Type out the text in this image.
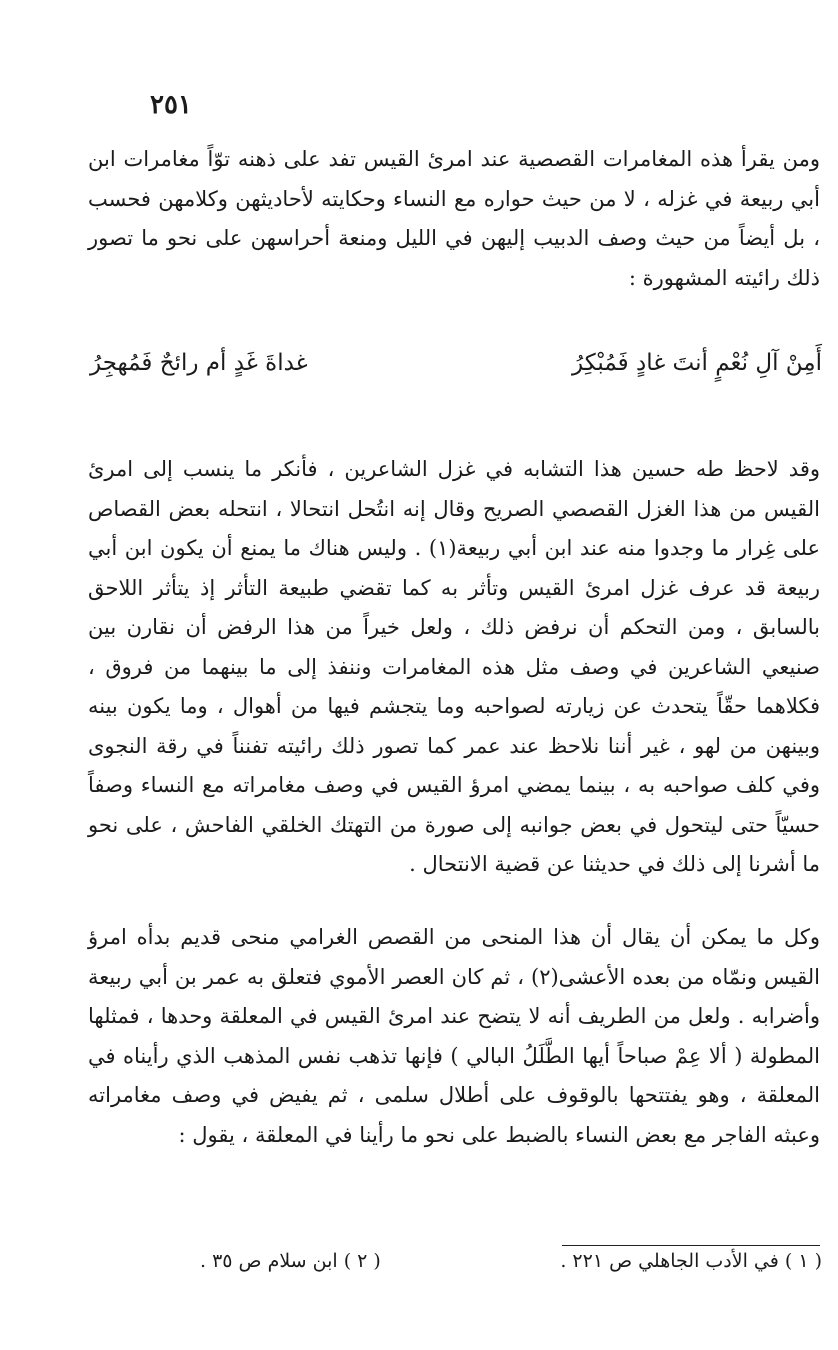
٢٥١

ومن يقرأ هذه المغامرات القصصية عند امرئ القيس تفد على ذهنه توّاً مغامرات ابن أبي ربيعة في غزله ، لا من حيث حواره مع النساء وحكايته لأحاديثهن وكلامهن فحسب ، بل أيضاً من حيث وصف الدبيب إليهن في الليل ومنعة أحراسهن على نحو ما تصور ذلك رائيته المشهورة :

أَمِنْ آلِ نُعْمٍ أنتَ غادٍ فَمُبْكِرُ
غداةَ غَدٍ أم رائحٌ فَمُهجِرُ

وقد لاحظ طه حسين هذا التشابه في غزل الشاعرين ، فأنكر ما ينسب إلى امرئ القيس من هذا الغزل القصصي الصريح وقال إنه انتُحل انتحالا ، انتحله بعض القصاص على غِرار ما وجدوا منه عند ابن أبي ربيعة(١) . وليس هناك ما يمنع أن يكون ابن أبي ربيعة قد عرف غزل امرئ القيس وتأثر به كما تقضي طبيعة التأثر إذ يتأثر اللاحق بالسابق ، ومن التحكم أن نرفض ذلك ، ولعل خيراً من هذا الرفض أن نقارن بين صنيعي الشاعرين في وصف مثل هذه المغامرات وننفذ إلى ما بينهما من فروق ، فكلاهما حقّاً يتحدث عن زيارته لصواحبه وما يتجشم فيها من أهوال ، وما يكون بينه وبينهن من لهو ، غير أننا نلاحظ عند عمر كما تصور ذلك رائيته تفنناً في رقة النجوى وفي كلف صواحبه به ، بينما يمضي امرؤ القيس في وصف مغامراته مع النساء وصفاً حسيّاً حتى ليتحول في بعض جوانبه إلى صورة من التهتك الخلقي الفاحش ، على نحو ما أشرنا إلى ذلك في حديثنا عن قضية الانتحال .

وكل ما يمكن أن يقال أن هذا المنحى من القصص الغرامي منحى قديم بدأه امرؤ القيس ونمّاه من بعده الأعشى(٢) ، ثم كان العصر الأموي فتعلق به عمر بن أبي ربيعة وأضرابه . ولعل من الطريف أنه لا يتضح عند امرئ القيس في المعلقة وحدها ، فمثلها المطولة ( ألا عِمْ صباحاً أيها الطَّلَلُ البالي ) فإنها تذهب نفس المذهب الذي رأيناه في المعلقة ، وهو يفتتحها بالوقوف على أطلال سلمى ، ثم يفيض في وصف مغامراته وعبثه الفاجر مع بعض النساء بالضبط على نحو ما رأينا في المعلقة ، يقول :

( ١ ) في الأدب الجاهلي ص ٢٢١ .
( ٢ ) ابن سلام ص ٣٥ .
